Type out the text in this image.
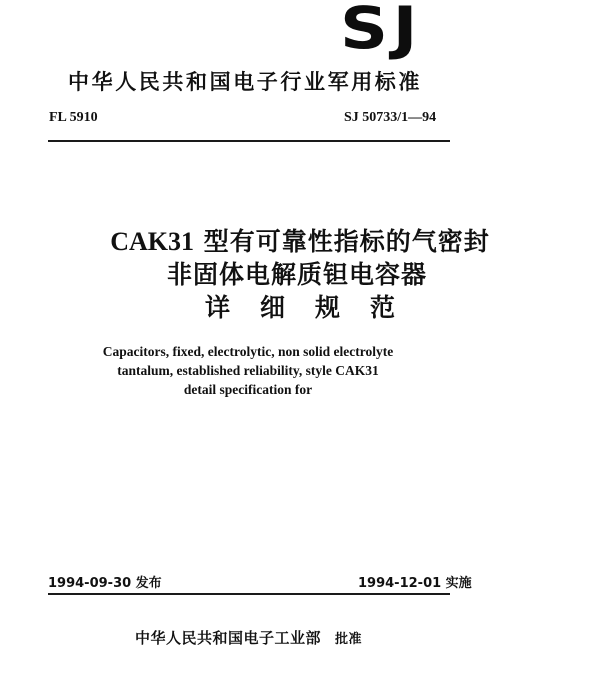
SJ
中华人民共和国电子行业军用标准
FL 5910	SJ 50733/1—94
CAK31 型有可靠性指标的气密封
非固体电解质钽电容器
详细规范
Capacitors, fixed, electrolytic, non solid electrolyte
tantalum, established reliability, style CAK31
detail specification for
1994-09-30 发布	1994-12-01 实施
中华人民共和国电子工业部 批准
